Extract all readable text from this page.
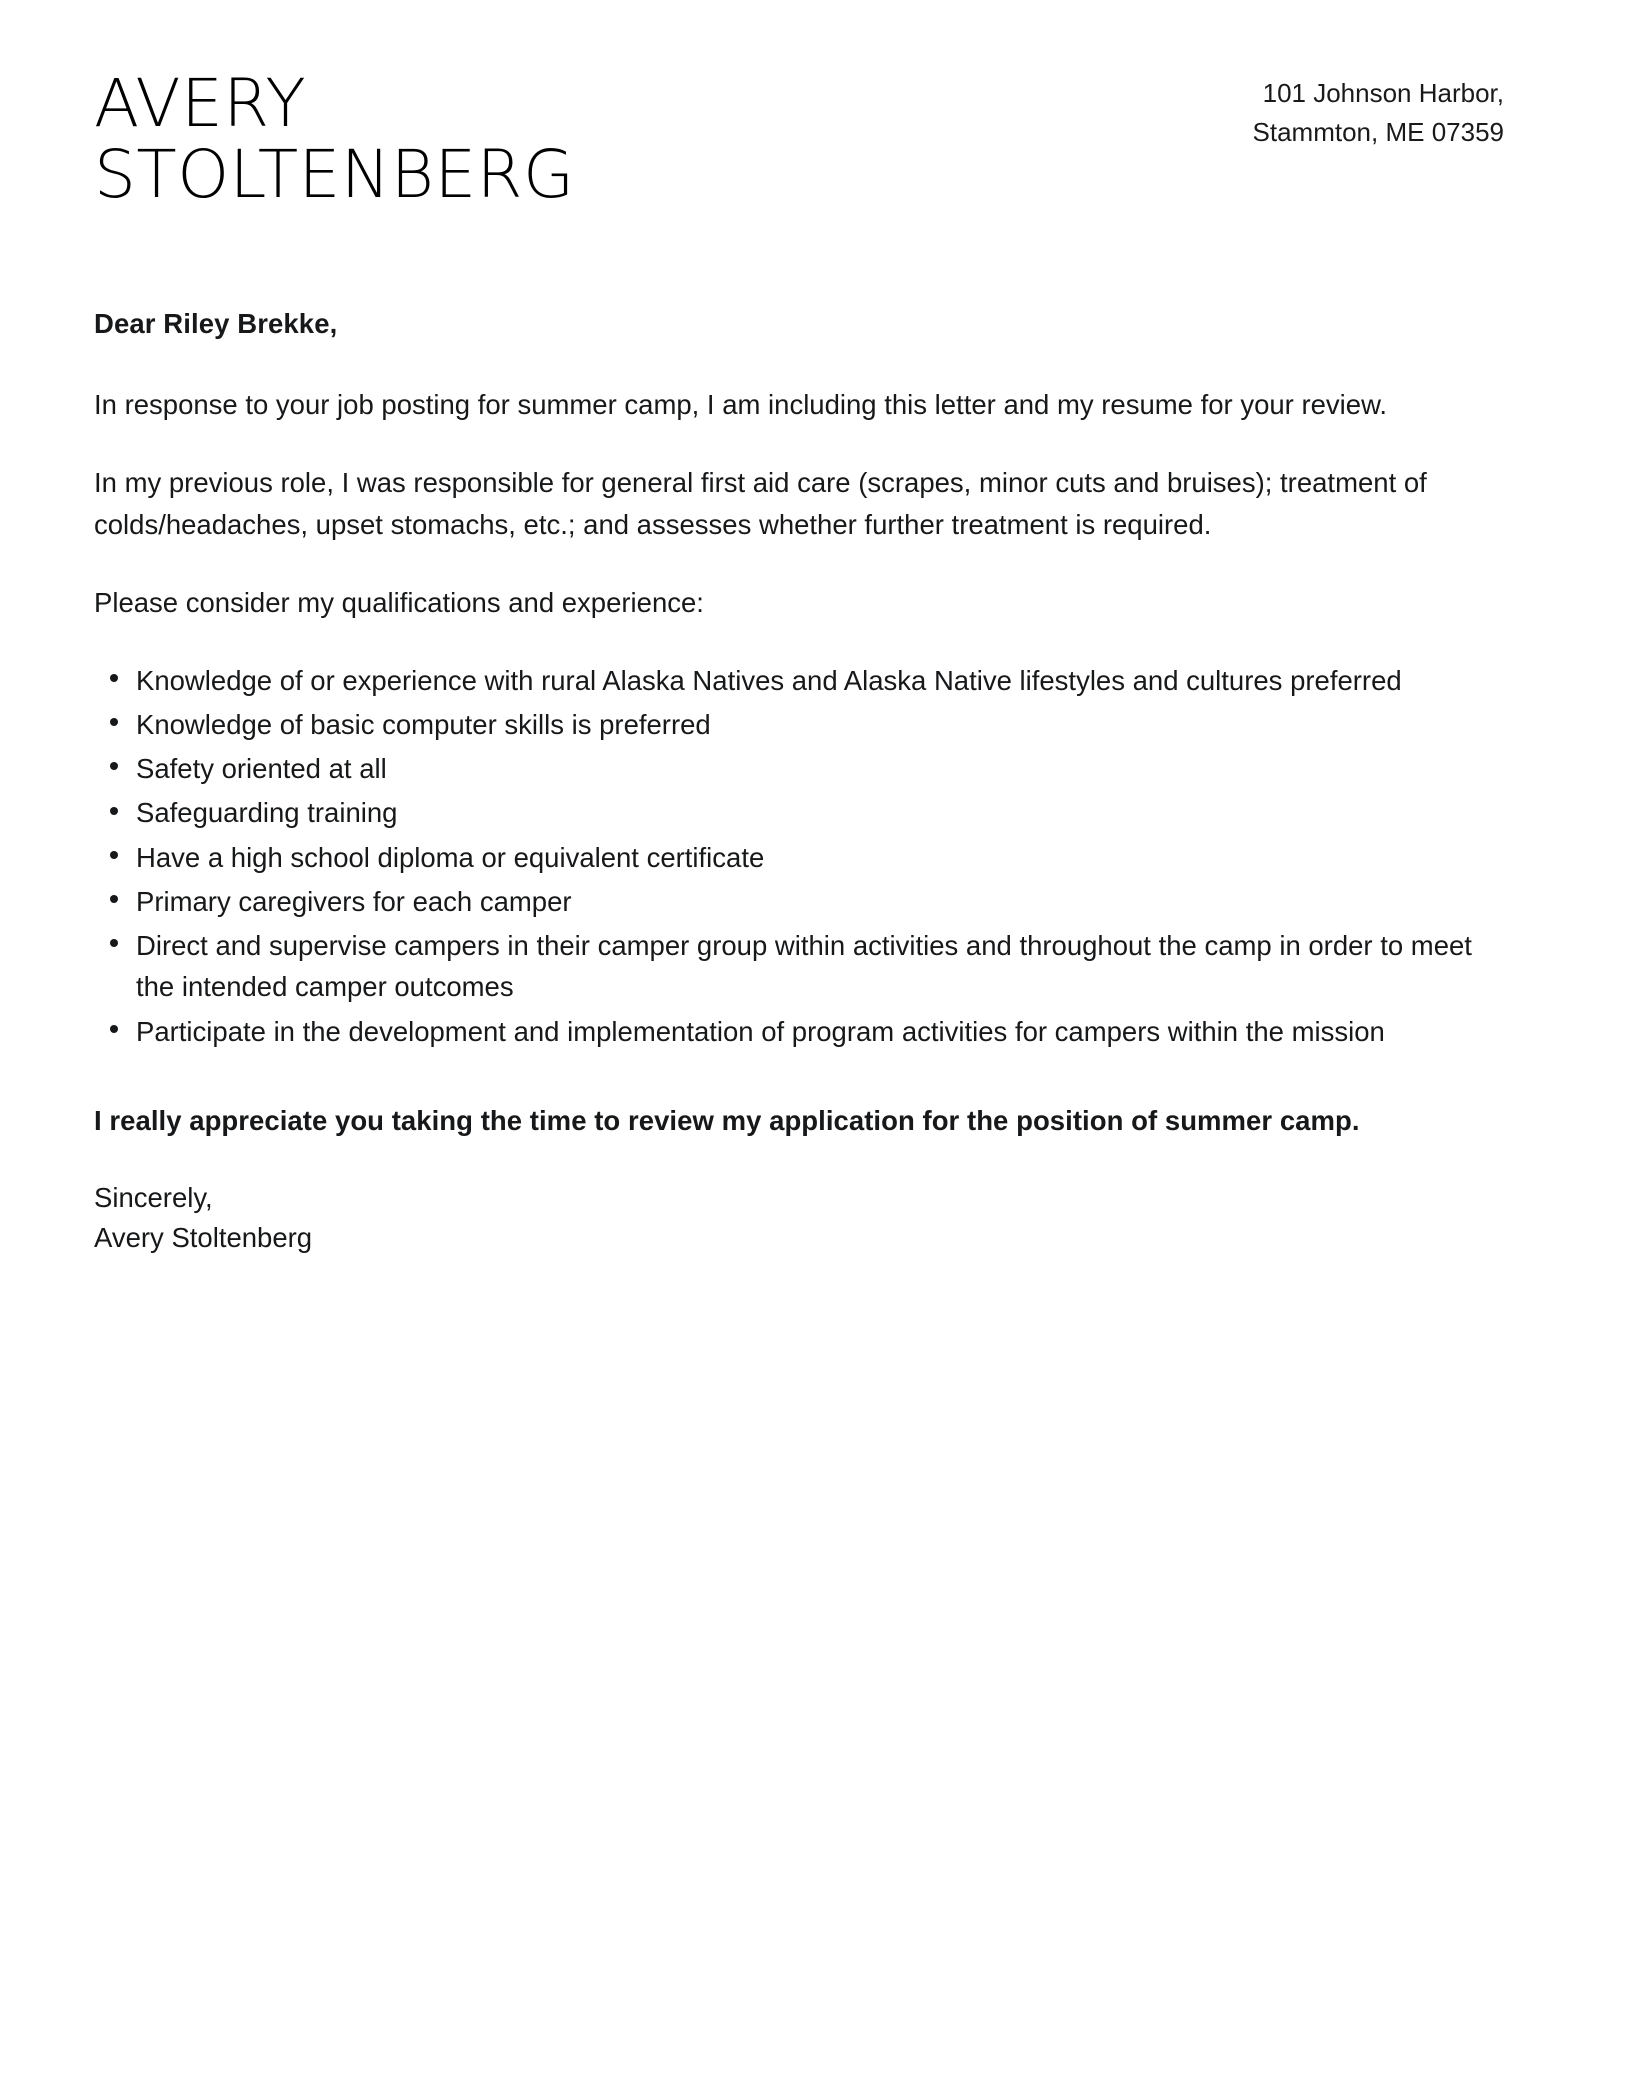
AVERY STOLTENBERG
101 Johnson Harbor,
Stammton, ME 07359

Dear Riley Brekke,

In response to your job posting for summer camp, I am including this letter and my resume for your review.

In my previous role, I was responsible for general first aid care (scrapes, minor cuts and bruises); treatment of colds/headaches, upset stomachs, etc.; and assesses whether further treatment is required.

Please consider my qualifications and experience:

Knowledge of or experience with rural Alaska Natives and Alaska Native lifestyles and cultures preferred
Knowledge of basic computer skills is preferred
Safety oriented at all
Safeguarding training
Have a high school diploma or equivalent certificate
Primary caregivers for each camper
Direct and supervise campers in their camper group within activities and throughout the camp in order to meet the intended camper outcomes
Participate in the development and implementation of program activities for campers within the mission

I really appreciate you taking the time to review my application for the position of summer camp.

Sincerely,
Avery Stoltenberg
